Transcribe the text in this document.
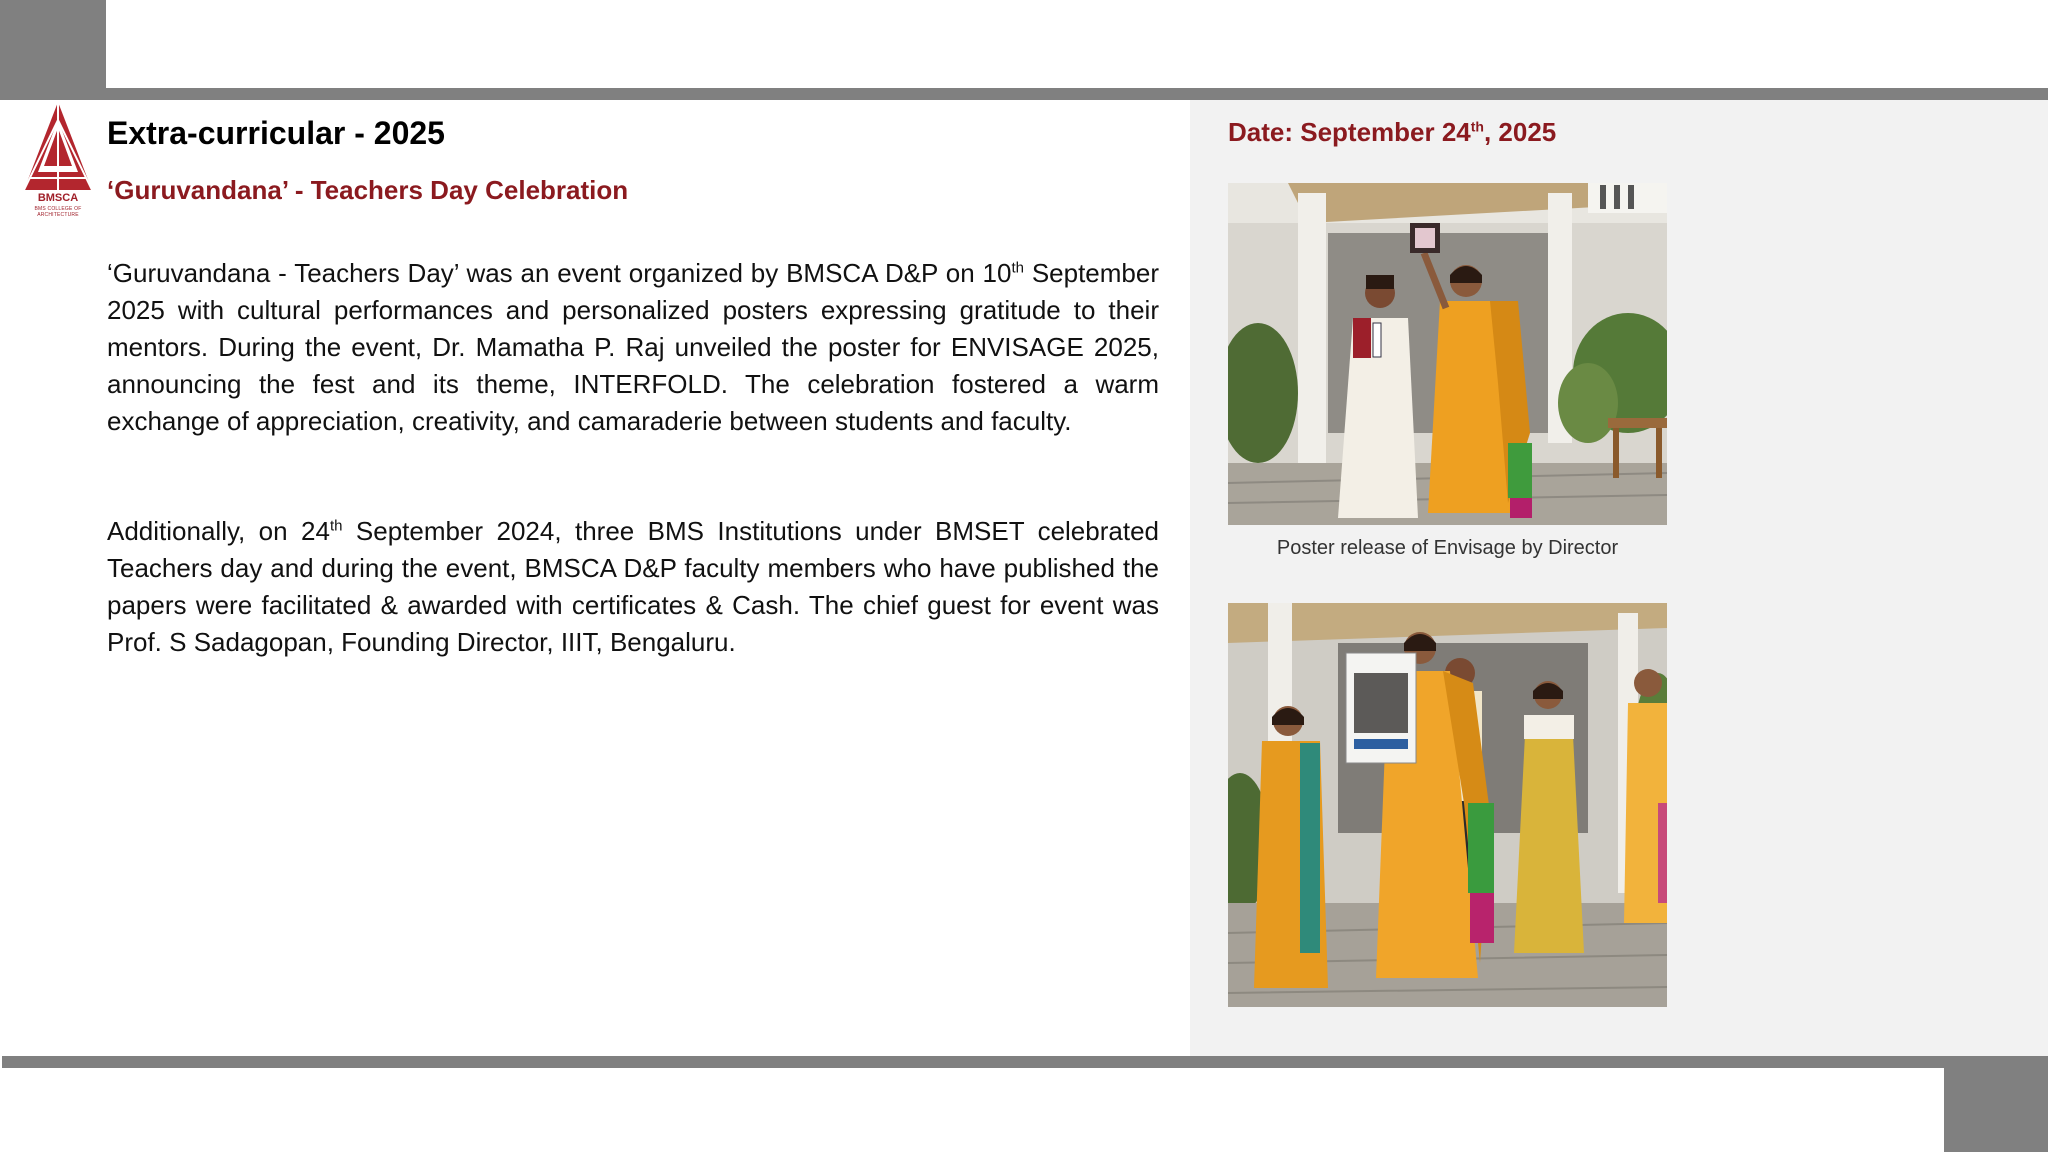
BMSCA
BMS COLLEGE OF ARCHITECTURE
Extra-curricular - 2025
‘Guruvandana’ - Teachers Day Celebration
‘Guruvandana - Teachers Day’ was an event organized by BMSCA D&P on 10th September 2025 with cultural performances and personalized posters expressing gratitude to their mentors. During the event, Dr. Mamatha P. Raj unveiled the poster for ENVISAGE 2025, announcing the fest and its theme, INTERFOLD. The celebration fostered a warm exchange of appreciation, creativity, and camaraderie between students and faculty.
Additionally, on 24th September 2024, three BMS Institutions under BMSET celebrated Teachers day and during the event, BMSCA D&P faculty members who have published the papers were facilitated & awarded with certificates & Cash. The chief guest for event was Prof. S Sadagopan, Founding Director, IIIT, Bengaluru.
Date: September 24th, 2025
Poster release of Envisage by Director
